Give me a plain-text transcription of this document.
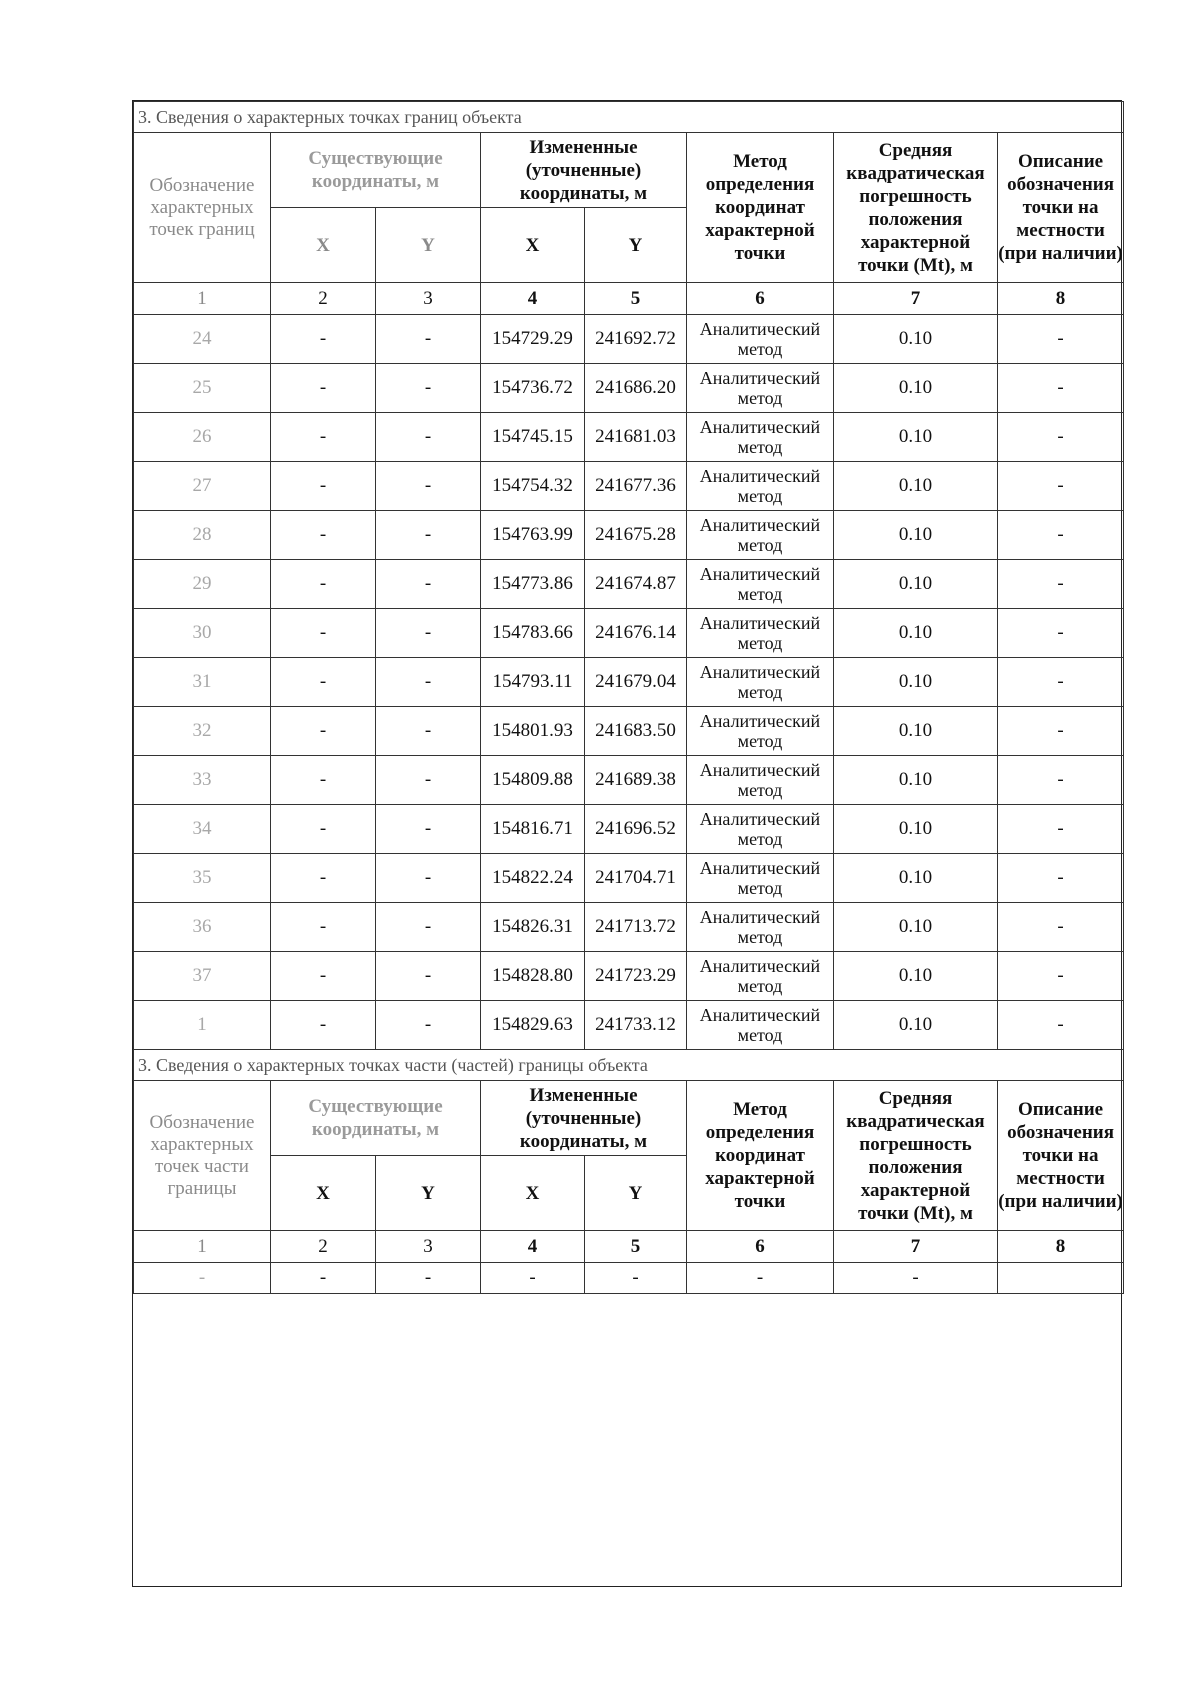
3. Сведения о характерных точках границ объекта							
Обозначение характерных точек границ	Существующие координаты, м		Измененные (уточненные) координаты, м		Метод определения координат характерной точки	Средняя квадратическая погрешность положения характерной точки (Mt), м	Описание обозначения точки на местности (при наличии)
	X	Y	X	Y			
1	2	3	4	5	6	7	8
24	-	-	154729.29	241692.72	Аналитический метод	0.10	-
25	-	-	154736.72	241686.20	Аналитический метод	0.10	-
26	-	-	154745.15	241681.03	Аналитический метод	0.10	-
27	-	-	154754.32	241677.36	Аналитический метод	0.10	-
28	-	-	154763.99	241675.28	Аналитический метод	0.10	-
29	-	-	154773.86	241674.87	Аналитический метод	0.10	-
30	-	-	154783.66	241676.14	Аналитический метод	0.10	-
31	-	-	154793.11	241679.04	Аналитический метод	0.10	-
32	-	-	154801.93	241683.50	Аналитический метод	0.10	-
33	-	-	154809.88	241689.38	Аналитический метод	0.10	-
34	-	-	154816.71	241696.52	Аналитический метод	0.10	-
35	-	-	154822.24	241704.71	Аналитический метод	0.10	-
36	-	-	154826.31	241713.72	Аналитический метод	0.10	-
37	-	-	154828.80	241723.29	Аналитический метод	0.10	-
1	-	-	154829.63	241733.12	Аналитический метод	0.10	-
3. Сведения о характерных точках части (частей) границы объекта							
Обозначение характерных точек части границы	Существующие координаты, м		Измененные (уточненные) координаты, м		Метод определения координат характерной точки	Средняя квадратическая погрешность положения характерной точки (Mt), м	Описание обозначения точки на местности (при наличии)
	X	Y	X	Y			
1	2	3	4	5	6	7	8
-	-	-	-	-	-	-	
